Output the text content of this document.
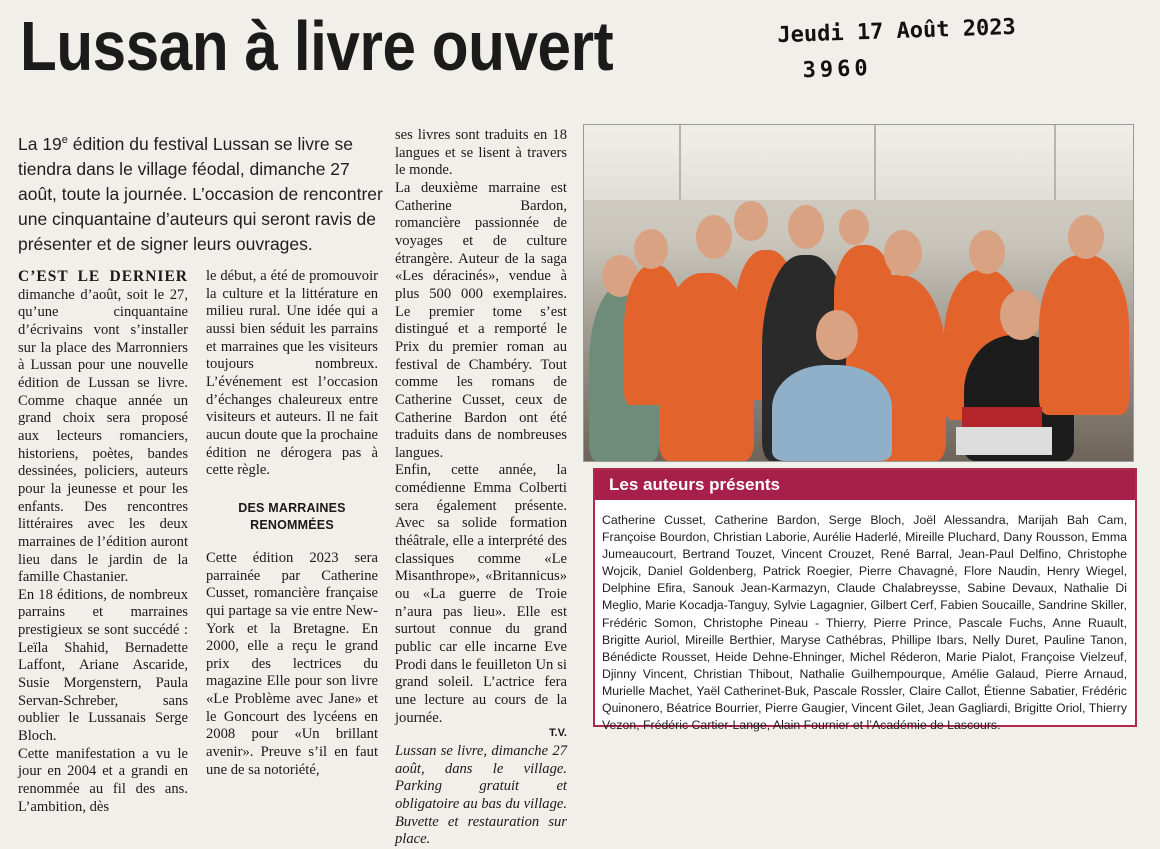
Lussan à livre ouvert	Jeudi 17 Août 2023
3960
La 19e édition du festival Lussan se livre se tiendra dans le village féodal, dimanche 27 août, toute la journée. L’occasion de rencontrer une cinquantaine d’auteurs qui seront ravis de présenter et de signer leurs ouvrages.

C’EST LE DERNIER dimanche d’août, soit le 27, qu’une cinquantaine d’écrivains vont s’installer sur la place des Marronniers à Lussan pour une nouvelle édition de Lussan se livre. Comme chaque année un grand choix sera proposé aux lecteurs romanciers, historiens, poètes, bandes dessinées, policiers, auteurs pour la jeunesse et pour les enfants. Des rencontres littéraires avec les deux marraines de l’édition auront lieu dans le jardin de la famille Chastanier.

En 18 éditions, de nombreux parrains et marraines prestigieux se sont succédé : Leïla Shahid, Bernadette Laffont, Ariane Ascaride, Susie Morgenstern, Paula Servan-Schreber, sans oublier le Lussanais Serge Bloch.

Cette manifestation a vu le jour en 2004 et a grandi en renommée au fil des ans. L’ambition, dès

le début, a été de promouvoir la culture et la littérature en milieu rural. Une idée qui a aussi bien séduit les parrains et marraines que les visiteurs toujours nombreux. L’événement est l’occasion d’échanges chaleureux entre visiteurs et auteurs. Il ne fait aucun doute que la prochaine édition ne dérogera pas à cette règle.

DES MARRAINES RENOMMÉES

Cette édition 2023 sera parrainée par Catherine Cusset, romancière française qui partage sa vie entre New-York et la Bretagne. En 2000, elle a reçu le grand prix des lectrices du magazine Elle pour son livre «Le Problème avec Jane» et le Goncourt des lycéens en 2008 pour «Un brillant avenir». Preuve s’il en faut une de sa notoriété,

ses livres sont traduits en 18 langues et se lisent à travers le monde.

La deuxième marraine est Catherine Bardon, romancière passionnée de voyages et de culture étrangère. Auteur de la saga «Les déracinés», vendue à plus 500 000 exemplaires. Le premier tome s’est distingué et a remporté le Prix du premier roman au festival de Chambéry. Tout comme les romans de Catherine Cusset, ceux de Catherine Bardon ont été traduits dans de nombreuses langues.

Enfin, cette année, la comédienne Emma Colberti sera également présente. Avec sa solide formation théâtrale, elle a interprété des classiques comme «Le Misanthrope», «Britannicus» ou «La guerre de Troie n’aura pas lieu». Elle est surtout connue du grand public car elle incarne Eve Prodi dans le feuilleton Un si grand soleil. L’actrice fera une lecture au cours de la journée.

T.V.

Lussan se livre, dimanche 27 août, dans le village. Parking gratuit et obligatoire au bas du village. Buvette et restauration sur place.

Les auteurs présents
Catherine Cusset, Catherine Bardon, Serge Bloch, Joël Alessandra, Marijah Bah Cam, Françoise Bourdon, Christian Laborie, Aurélie Haderlé, Mireille Pluchard, Dany Rousson, Emma Jumeaucourt, Bertrand Touzet, Vincent Crouzet, René Barral, Jean-Paul Delfino, Christophe Wojcik, Daniel Goldenberg, Patrick Roegier, Pierre Chavagné, Flore Naudin, Henry Wiegel, Delphine Efira, Sanouk Jean-Karmazyn, Claude Chalabreysse, Sabine Devaux, Nathalie Di Meglio, Marie Kocadja-Tanguy, Sylvie Lagagnier, Gilbert Cerf, Fabien Soucaille, Sandrine Skiller, Frédéric Somon, Christophe Pineau - Thierry, Pierre Prince, Pascale Fuchs, Anne Ruault, Brigitte Auriol, Mireille Berthier, Maryse Cathébras, Phillipe Ibars, Nelly Duret, Pauline Tanon, Bénédicte Rousset, Heide Dehne-Ehninger, Michel Réderon, Marie Pialot, Françoise Vielzeuf, Djinny Vincent, Christian Thibout, Nathalie Guilhempourque, Amélie Galaud, Pierre Arnaud, Murielle Machet, Yaël Catherinet-Buk, Pascale Rossler, Claire Callot, Étienne Sabatier, Frédéric Quinonero, Béatrice Bourrier, Pierre Gaugier, Vincent Gilet, Jean Gagliardi, Brigitte Oriol, Thierry Vezon, Frédéric Cartier-Lange, Alain Fournier et l’Académie de Lascours.
